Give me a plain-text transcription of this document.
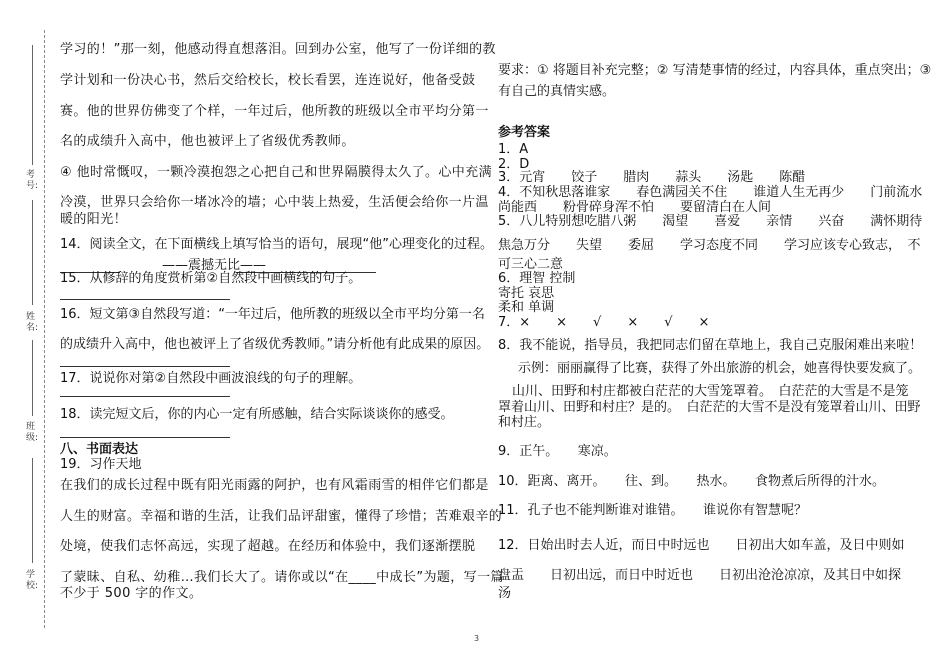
考号:
姓名:
班级:
学校:
学习的！”那一刻，他感动得直想落泪。回到办公室，他写了一份详细的教
学计划和一份决心书，然后交给校长，校长看罢，连连说好，他备受鼓
赛。他的世界仿佛变了个样，一年过后，他所教的班级以全市平均分第一
名的成绩升入高中，他也被评上了省级优秀教师。
④ 他时常慨叹，一颗冷漠抱怨之心把自己和世界隔膜得太久了。心中充满
冷漠，世界只会给你一堵冰冷的墙；心中装上热爱，生活便会给你一片温
暖的阳光！
14．阅读全文，在下面横线上填写恰当的语句，展现“他”心理变化的过程。
——震撼无比——
15．从修辞的角度赏析第②自然段中画横线的句子。
16．短文第③自然段写道：“一年过后，他所教的班级以全市平均分第一名
的成绩升入高中，他也被评上了省级优秀教师。”请分析他有此成果的原因。
17．说说你对第②自然段中画波浪线的句子的理解。
18．读完短文后，你的内心一定有所感触，结合实际谈谈你的感受。
八、书面表达
19．习作天地
在我们的成长过程中既有阳光雨露的阿护，也有风霜雨雪的相伴它们都是
人生的财富。幸福和谐的生活，让我们品评甜蜜，懂得了珍惜；苦难艰辛的
处境，使我们志怀高远，实现了超越。在经历和体验中，我们逐渐摆脱
了蒙昧、自私、幼稚…我们长大了。请你或以“在____中成长”为题，写一篇
不少于 500 字的作文。
要求：① 将题目补充完整；② 写清楚事情的经过，内容具体，重点突出；③
有自己的真情实感。
参考答案
1．A
2．D
3．元宵　　饺子　　腊肉　　蒜头　　汤匙　　陈醋
4．不知秋思落谁家　　春色满园关不住　　谁道人生无再少　　门前流水
尚能西　　粉骨碎身浑不怕　　要留清白在人间
5．八儿特别想吃腊八粥　　渴望　　喜爱　　亲情　　兴奋　　满怀期待
焦急万分　　失望　　委屈　　学习态度不同　　学习应该专心致志，　不
可三心二意
6．理智 控制
寄托 哀思
柔和 单调
7．×　　×　　√　　×　　√　　×
8．我不能说，指导员，我把同志们留在草地上，我自己克服闲难出来啦！
示例：丽丽赢得了比赛，获得了外出旅游的机会，她喜得快要发疯了。
山川、田野和村庄都被白茫茫的大雪笼罩着。　白茫茫的大雪是不是笼
罩着山川、田野和村庄？是的。　白茫茫的大雪不是没有笼罩着山川、田野
和村庄。
9．正午。　　寒凉。
10．距离、离开。　　往、到。　　热水。　　食物煮后所得的汁水。
11．孔子也不能判断谁对谁错。　　谁说你有智慧呢？
12．日始出时去人近，而日中时远也　　日初出大如车盖，及日中则如
盘盂　　日初出远，而日中时近也　　日初出沧沧凉凉，及其日中如探
汤
3
